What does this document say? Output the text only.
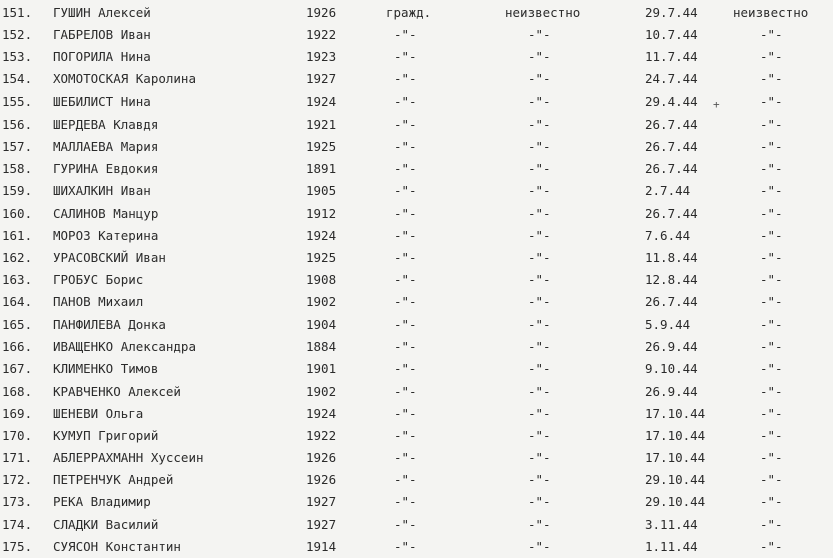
151.	ГУШИН Алексей	1926	гражд.	неизвестно	29.7.44	неизвестно
152.	ГАБРЕЛОВ Иван	1922	-"-	-"-	10.7.44	-"-
153.	ПОГОРИЛА Нина	1923	-"-	-"-	11.7.44	-"-
154.	ХОМОТОСКАЯ Каролина	1927	-"-	-"-	24.7.44	-"-
155.	ШЕБИЛИСТ Нина	1924	-"-	-"-	29.4.44	-"-
156.	ШЕРДЕВА Клавдя	1921	-"-	-"-	26.7.44	-"-
157.	МАЛЛАЕВА Мария	1925	-"-	-"-	26.7.44	-"-
158.	ГУРИНА Евдокия	1891	-"-	-"-	26.7.44	-"-
159.	ШИХАЛКИН Иван	1905	-"-	-"-	2.7.44	-"-
160.	САЛИНОВ Манцур	1912	-"-	-"-	26.7.44	-"-
161.	МОРОЗ Катерина	1924	-"-	-"-	7.6.44	-"-
162.	УРАСОВСКИЙ Иван	1925	-"-	-"-	11.8.44	-"-
163.	ГРОБУС Борис	1908	-"-	-"-	12.8.44	-"-
164.	ПАНОВ Михаил	1902	-"-	-"-	26.7.44	-"-
165.	ПАНФИЛЕВА Донка	1904	-"-	-"-	5.9.44	-"-
166.	ИВАЩЕНКО Александра	1884	-"-	-"-	26.9.44	-"-
167.	КЛИМЕНКО Тимов	1901	-"-	-"-	9.10.44	-"-
168.	КРАВЧЕНКО Алексей	1902	-"-	-"-	26.9.44	-"-
169.	ШЕНЕВИ Ольга	1924	-"-	-"-	17.10.44	-"-
170.	КУМУП Григорий	1922	-"-	-"-	17.10.44	-"-
171.	АБЛЕРРАХМАНН Хуссеин	1926	-"-	-"-	17.10.44	-"-
172.	ПЕТРЕНЧУК Андрей	1926	-"-	-"-	29.10.44	-"-
173.	РЕКА Владимир	1927	-"-	-"-	29.10.44	-"-
174.	СЛАДКИ Василий	1927	-"-	-"-	3.11.44	-"-
175.	СУЯСОН Константин	1914	-"-	-"-	1.11.44	-"-
+
